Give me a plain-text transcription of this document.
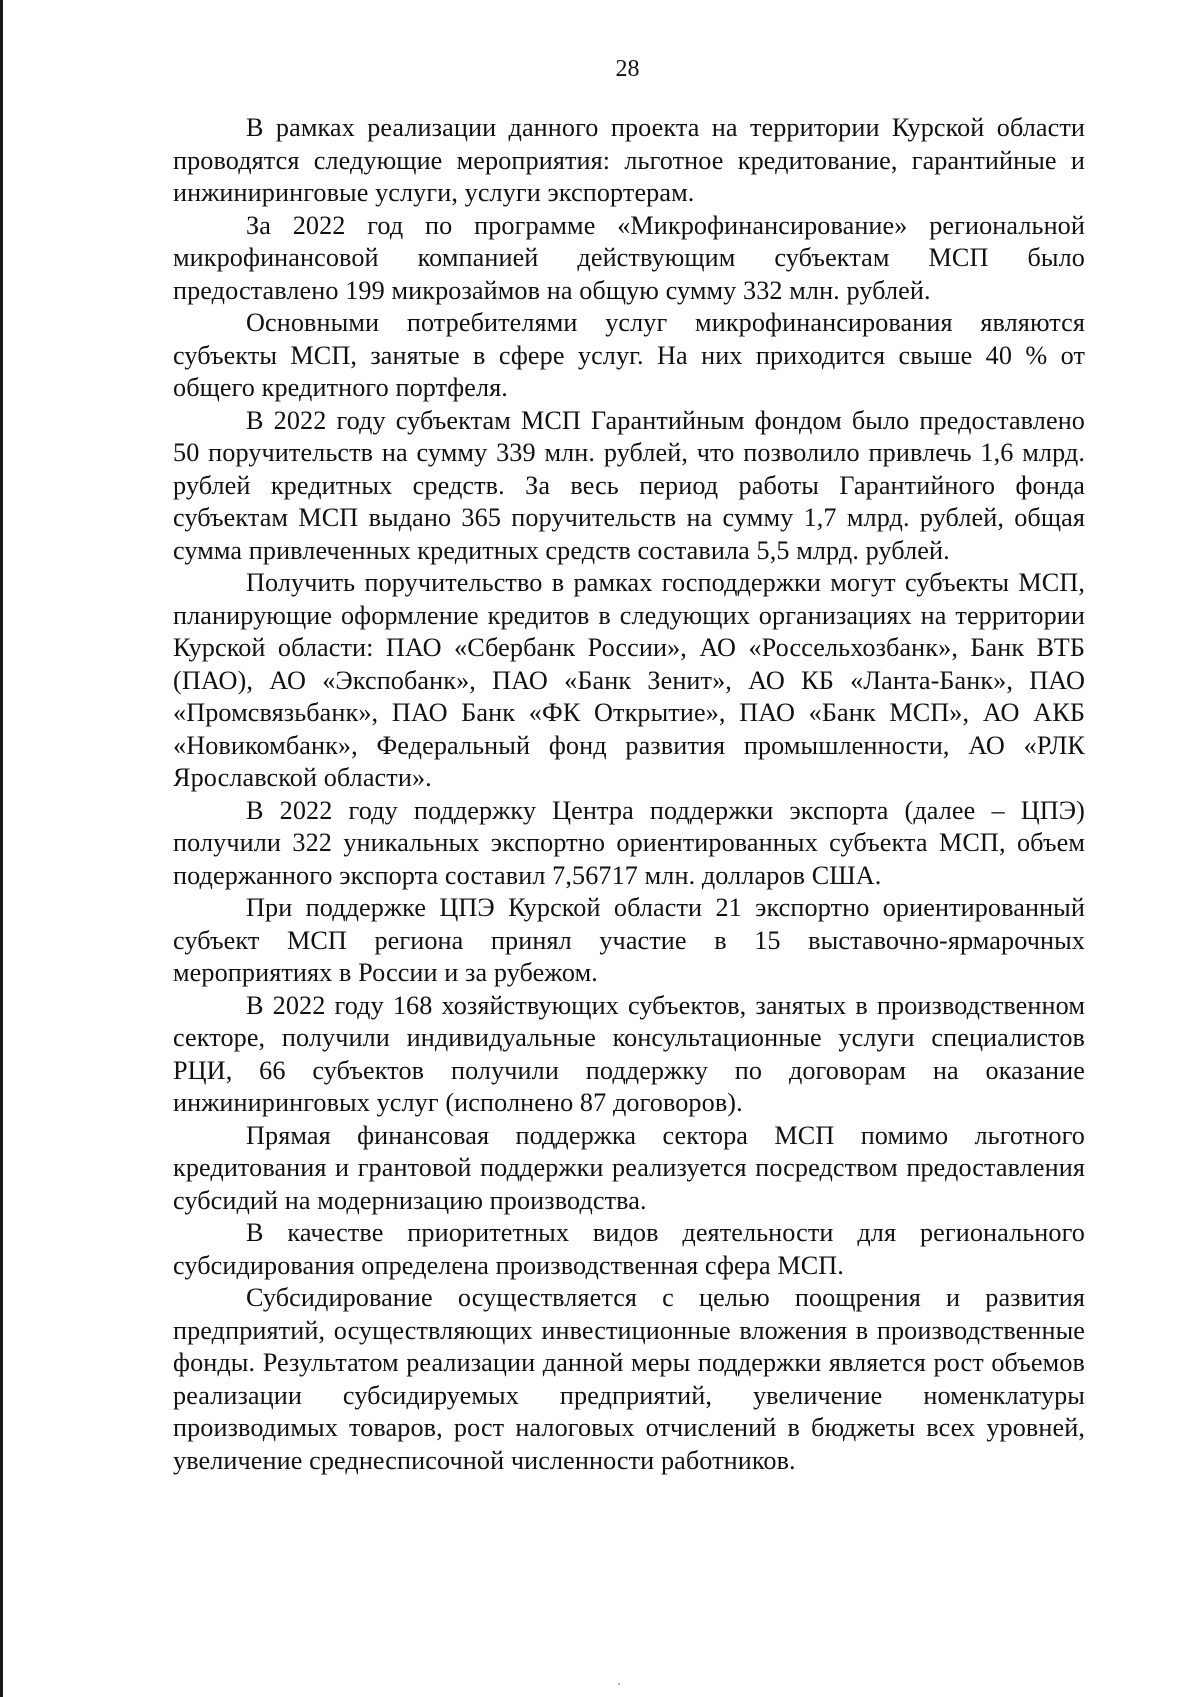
28

В рамках реализации данного проекта на территории Курской области проводятся следующие мероприятия: льготное кредитование, гарантийные и инжиниринговые услуги, услуги экспортерам.

За 2022 год по программе «Микрофинансирование» региональной микрофинансовой компанией действующим субъектам МСП было предоставлено 199 микрозаймов на общую сумму 332 млн. рублей.

Основными потребителями услуг микрофинансирования являются субъекты МСП, занятые в сфере услуг. На них приходится свыше 40 % от общего кредитного портфеля.

В 2022 году субъектам МСП Гарантийным фондом было предоставлено 50 поручительств на сумму 339 млн. рублей, что позволило привлечь 1,6 млрд. рублей кредитных средств. За весь период работы Гарантийного фонда субъектам МСП выдано 365 поручительств на сумму 1,7 млрд. рублей, общая сумма привлеченных кредитных средств составила 5,5 млрд. рублей.

Получить поручительство в рамках господдержки могут субъекты МСП, планирующие оформление кредитов в следующих организациях на территории Курской области: ПАО «Сбербанк России», АО «Россельхозбанк», Банк ВТБ (ПАО), АО «Экспобанк», ПАО «Банк Зенит», АО КБ «Ланта-Банк», ПАО «Промсвязьбанк», ПАО Банк «ФК Открытие», ПАО «Банк МСП», АО АКБ «Новикомбанк», Федеральный фонд развития промышленности, АО «РЛК Ярославской области».

В 2022 году поддержку Центра поддержки экспорта (далее – ЦПЭ) получили 322 уникальных экспортно ориентированных субъекта МСП, объем подержанного экспорта составил 7,56717 млн. долларов США.

При поддержке ЦПЭ Курской области 21 экспортно ориентированный субъект МСП региона принял участие в 15 выставочно-ярмарочных мероприятиях в России и за рубежом.

В 2022 году 168 хозяйствующих субъектов, занятых в производственном секторе, получили индивидуальные консультационные услуги специалистов РЦИ, 66 субъектов получили поддержку по договорам на оказание инжиниринговых услуг (исполнено 87 договоров).

Прямая финансовая поддержка сектора МСП помимо льготного кредитования и грантовой поддержки реализуется посредством предоставления субсидий на модернизацию производства.

В качестве приоритетных видов деятельности для регионального субсидирования определена производственная сфера МСП.

Субсидирование осуществляется с целью поощрения и развития предприятий, осуществляющих инвестиционные вложения в производственные фонды. Результатом реализации данной меры поддержки является рост объемов реализации субсидируемых предприятий, увеличение номенклатуры производимых товаров, рост налоговых отчислений в бюджеты всех уровней, увеличение среднесписочной численности работников.
